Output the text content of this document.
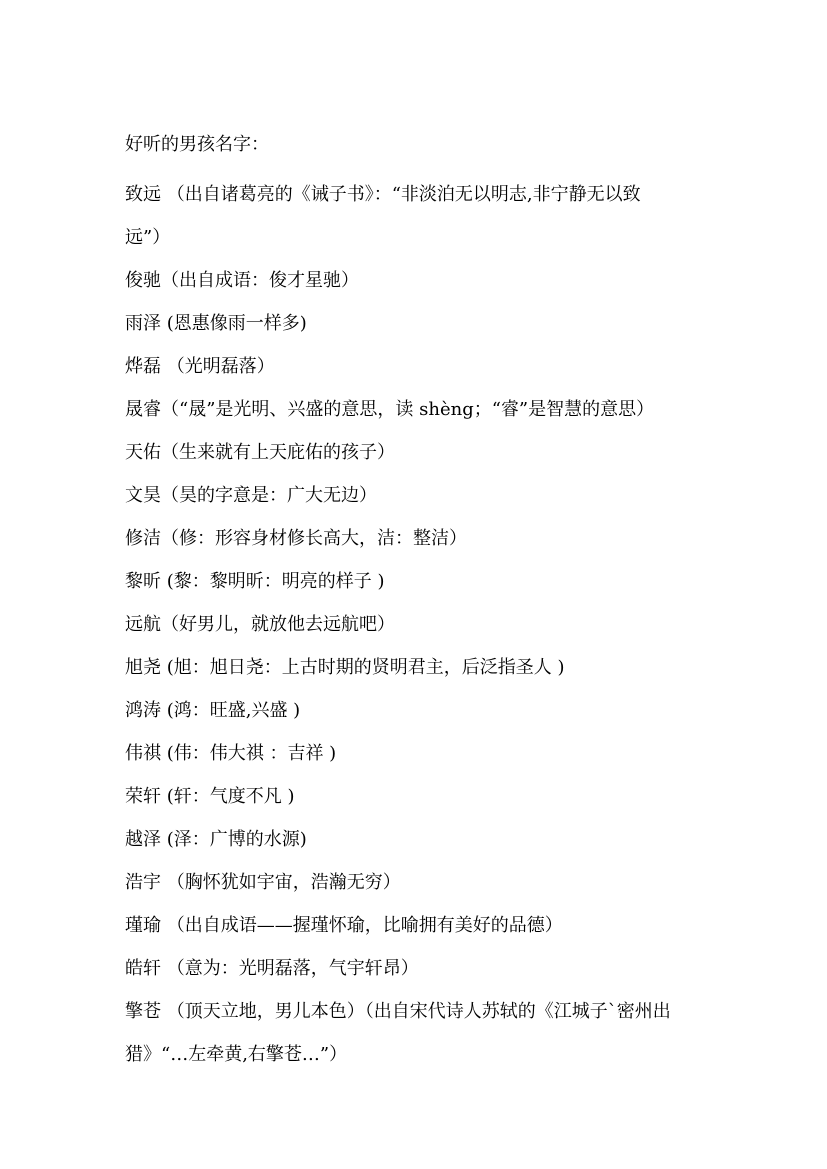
好听的男孩名字：
致远 （出自诸葛亮的《诫子书》：“非淡泊无以明志,非宁静无以致
远”）
俊驰（出自成语：俊才星驰）
雨泽 (恩惠像雨一样多)
烨磊 （光明磊落）
晟睿（“晟”是光明、兴盛的意思，读 shèng；“睿”是智慧的意思）
天佑（生来就有上天庇佑的孩子）
文昊（昊的字意是：广大无边）
修洁（修：形容身材修长高大，洁：整洁）
黎昕 (黎：黎明昕：明亮的样子 )
远航（好男儿，就放他去远航吧）
旭尧 (旭：旭日尧：上古时期的贤明君主，后泛指圣人 )
鸿涛 (鸿：旺盛,兴盛 )
伟祺 (伟：伟大祺 ：吉祥 )
荣轩 (轩：气度不凡 )
越泽 (泽：广博的水源)
浩宇 （胸怀犹如宇宙，浩瀚无穷）
瑾瑜 （出自成语——握瑾怀瑜，比喻拥有美好的品德）
皓轩 （意为：光明磊落，气宇轩昂）
擎苍 （顶天立地，男儿本色）（出自宋代诗人苏轼的《江城子`密州出
猎》“…左牵黄,右擎苍…”）
